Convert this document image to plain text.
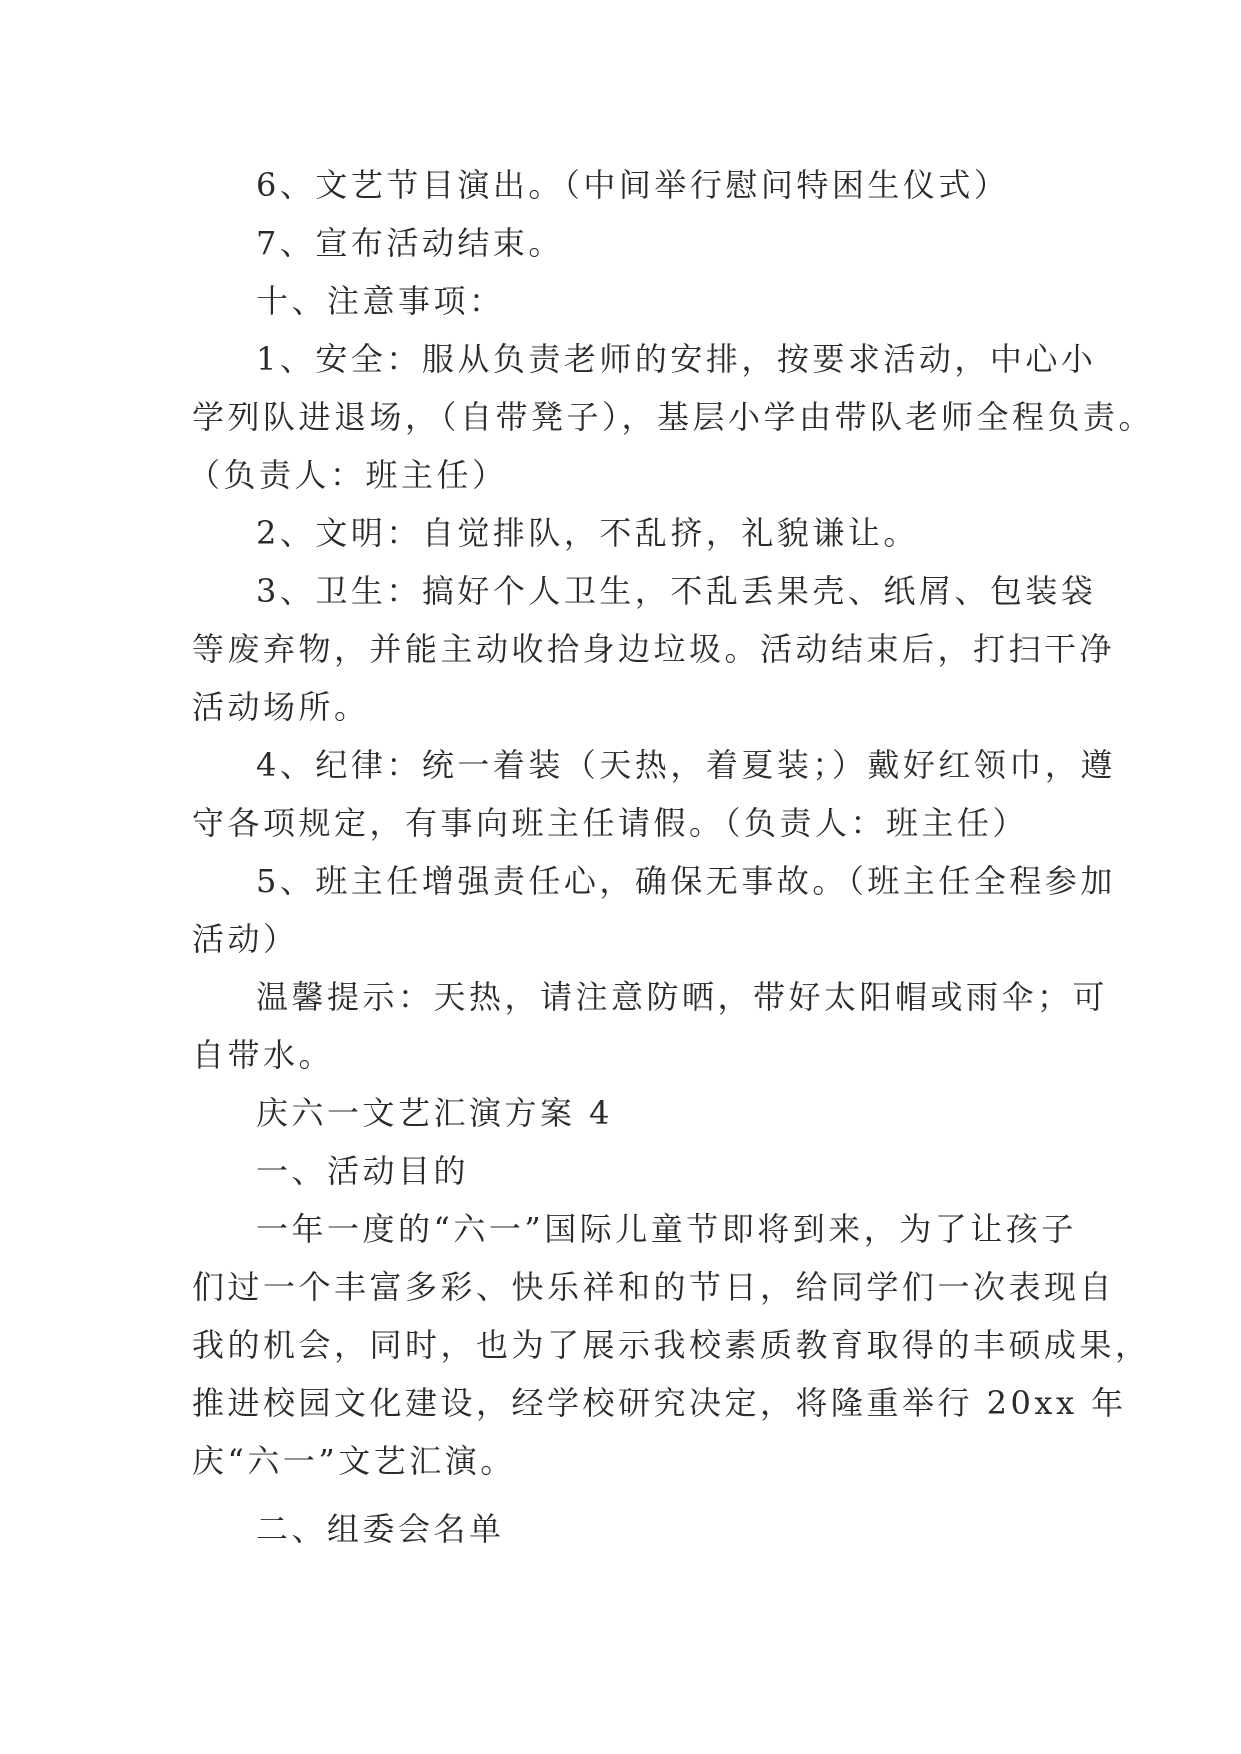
6、文艺节目演出。（中间举行慰问特困生仪式）
7、宣布活动结束。
十、注意事项：
1、安全：服从负责老师的安排，按要求活动，中心小
学列队进退场，（自带凳子），基层小学由带队老师全程负责。
（负责人：班主任）
2、文明：自觉排队，不乱挤，礼貌谦让。
3、卫生：搞好个人卫生，不乱丢果壳、纸屑、包装袋
等废弃物，并能主动收拾身边垃圾。活动结束后，打扫干净
活动场所。
4、纪律：统一着装（天热，着夏装；）戴好红领巾，遵
守各项规定，有事向班主任请假。（负责人：班主任）
5、班主任增强责任心，确保无事故。（班主任全程参加
活动）
温馨提示：天热，请注意防晒，带好太阳帽或雨伞；可
自带水。
庆六一文艺汇演方案 4
一、活动目的
一年一度的“六一”国际儿童节即将到来，为了让孩子
们过一个丰富多彩、快乐祥和的节日，给同学们一次表现自
我的机会，同时，也为了展示我校素质教育取得的丰硕成果，
推进校园文化建设，经学校研究决定，将隆重举行 20xx 年
庆“六一”文艺汇演。
二、组委会名单
